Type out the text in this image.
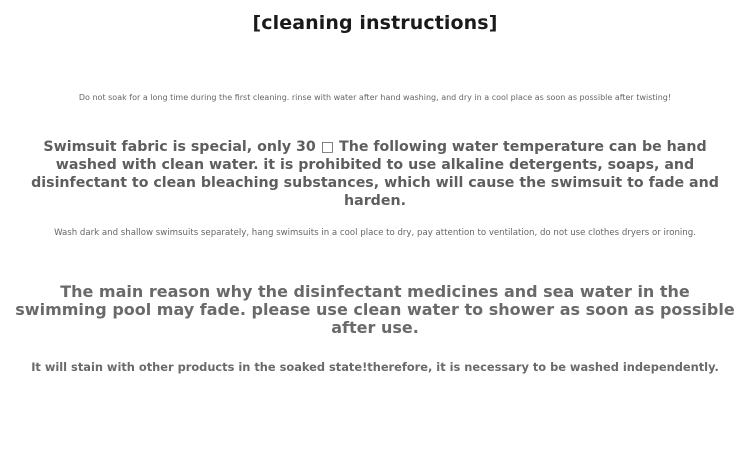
[cleaning instructions]

Do not soak for a long time during the first cleaning. rinse with water after hand washing, and dry in a cool place as soon as possible after twisting!

Swimsuit fabric is special, only 30 □ The following water temperature can be hand washed with clean water. it is prohibited to use alkaline detergents, soaps, and disinfectant to clean bleaching substances, which will cause the swimsuit to fade and harden.

Wash dark and shallow swimsuits separately, hang swimsuits in a cool place to dry, pay attention to ventilation, do not use clothes dryers or ironing.

The main reason why the disinfectant medicines and sea water in the swimming pool may fade. please use clean water to shower as soon as possible after use.

It will stain with other products in the soaked state!therefore, it is necessary to be washed independently.
